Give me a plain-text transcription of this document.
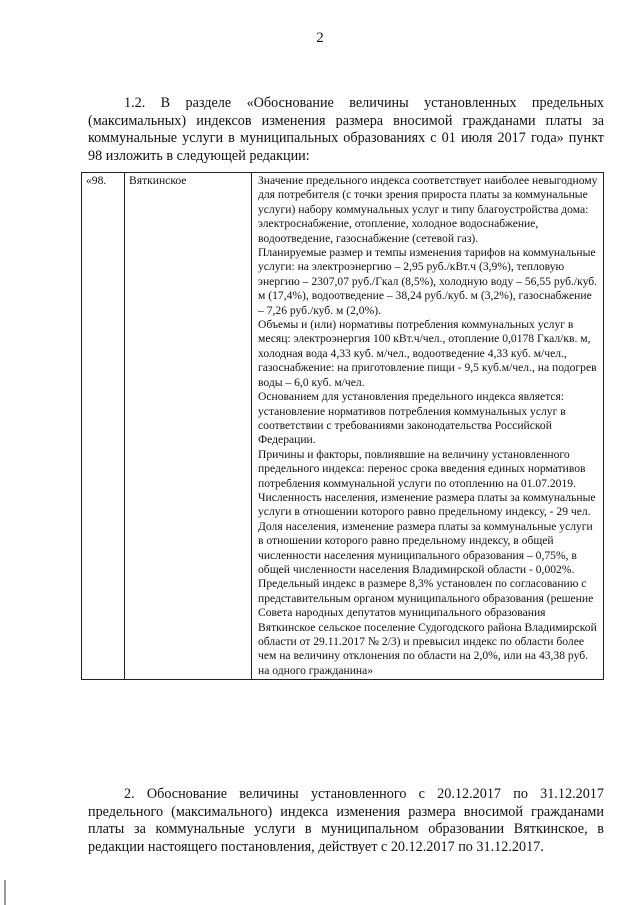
2
1.2. В разделе «Обоснование величины установленных предельных (максимальных) индексов изменения размера вносимой гражданами платы за коммунальные услуги в муниципальных образованиях с 01 июля 2017 года» пункт 98 изложить в следующей редакции:
«98.	Вяткинское	Значение предельного индекса соответствует наиболее невыгодному для потребителя (с точки зрения прироста платы за коммунальные услуги) набору коммунальных услуг и типу благоустройства дома: электроснабжение, отопление, холодное водоснабжение, водоотведение, газоснабжение (сетевой газ).

Планируемые размер и темпы изменения тарифов на коммунальные услуги: на электроэнергию – 2,95 руб./кВт.ч (3,9%), тепловую энергию – 2307,07 руб./Гкал (8,5%), холодную воду – 56,55 руб./куб. м (17,4%), водоотведение – 38,24 руб./куб. м (3,2%), газоснабжение – 7,26 руб./куб. м (2,0%).

Объемы и (или) нормативы потребления коммунальных услуг в месяц: электроэнергия 100 кВт.ч/чел., отопление 0,0178 Гкал/кв. м, холодная вода 4,33 куб. м/чел., водоотведение 4,33 куб. м/чел., газоснабжение: на приготовление пищи - 9,5 куб.м/чел., на подогрев воды – 6,0 куб. м/чел.

Основанием для установления предельного индекса является: установление нормативов потребления коммунальных услуг в соответствии с требованиями законодательства Российской Федерации.

Причины и факторы, повлиявшие на величину установленного предельного индекса: перенос срока введения единых нормативов потребления коммунальной услуги по отоплению на 01.07.2019.

Численность населения, изменение размера платы за коммунальные услуги в отношении которого равно предельному индексу, - 29 чел.

Доля населения, изменение размера платы за коммунальные услуги в отношении которого равно предельному индексу, в общей численности населения муниципального образования – 0,75%, в общей численности населения Владимирской области - 0,002%.

Предельный индекс в размере 8,3% установлен по согласованию с представительным органом муниципального образования (решение Совета народных депутатов муниципального образования Вяткинское сельское поселение Судогодского района Владимирской области от 29.11.2017 № 2/3) и превысил индекс по области более чем на величину отклонения по области на 2,0%, или на 43,38 руб. на одного гражданина»

2. Обоснование величины установленного с 20.12.2017 по 31.12.2017 предельного (максимального) индекса изменения размера вносимой гражданами платы за коммунальные услуги в муниципальном образовании Вяткинское, в редакции настоящего постановления, действует с 20.12.2017 по 31.12.2017.
